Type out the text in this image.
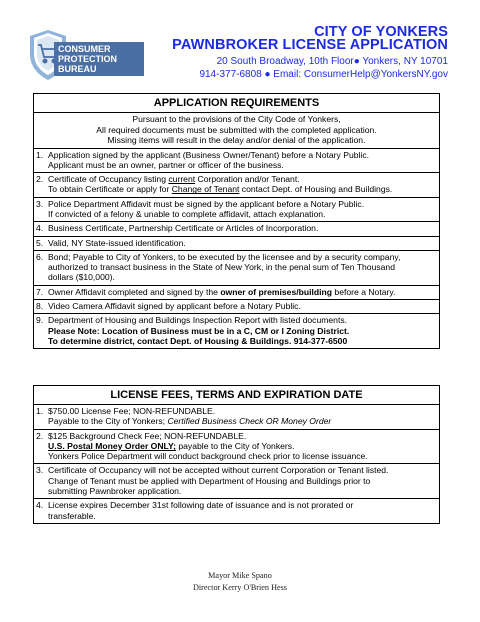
CONSUMER
PROTECTION
BUREAU
CITY OF YONKERS
PAWNBROKER LICENSE APPLICATION
20 South Broadway, 10th Floor● Yonkers, NY 10701
914-377-6808 ● Email: ConsumerHelp@YonkersNY.gov
APPLICATION REQUIREMENTS
Pursuant to the provisions of the City Code of Yonkers,
All required documents must be submitted with the completed application.
Missing items will result in the delay and/or denial of the application.
1. Application signed by the applicant (Business Owner/Tenant) before a Notary Public.
Applicant must be an owner, partner or officer of the business.
2. Certificate of Occupancy listing current Corporation and/or Tenant.
To obtain Certificate or apply for Change of Tenant contact Dept. of Housing and Buildings.
3. Police Department Affidavit must be signed by the applicant before a Notary Public.
If convicted of a felony & unable to complete affidavit, attach explanation.
4. Business Certificate, Partnership Certificate or Articles of Incorporation.
5. Valid, NY State-issued identification.
6. Bond; Payable to City of Yonkers, to be executed by the licensee and by a security company,
authorized to transact business in the State of New York, in the penal sum of Ten Thousand
dollars ($10,000).
7. Owner Affidavit completed and signed by the owner of premises/building before a Notary.
8. Video Camera Affidavit signed by applicant before a Notary Public.
9. Department of Housing and Buildings Inspection Report with listed documents.
Please Note: Location of Business must be in a C, CM or I Zoning District.
To determine district, contact Dept. of Housing & Buildings. 914-377-6500
LICENSE FEES, TERMS AND EXPIRATION DATE
1. $750.00 License Fee; NON-REFUNDABLE.
Payable to the City of Yonkers; Certified Business Check OR Money Order
2. $125 Background Check Fee; NON-REFUNDABLE.
U.S. Postal Money Order ONLY; payable to the City of Yonkers.
Yonkers Police Department will conduct background check prior to license issuance.
3. Certificate of Occupancy will not be accepted without current Corporation or Tenant listed.
Change of Tenant must be applied with Department of Housing and Buildings prior to
submitting Pawnbroker application.
4. License expires December 31st following date of issuance and is not prorated or
transferable.
Mayor Mike Spano
Director Kerry O'Brien Hess
